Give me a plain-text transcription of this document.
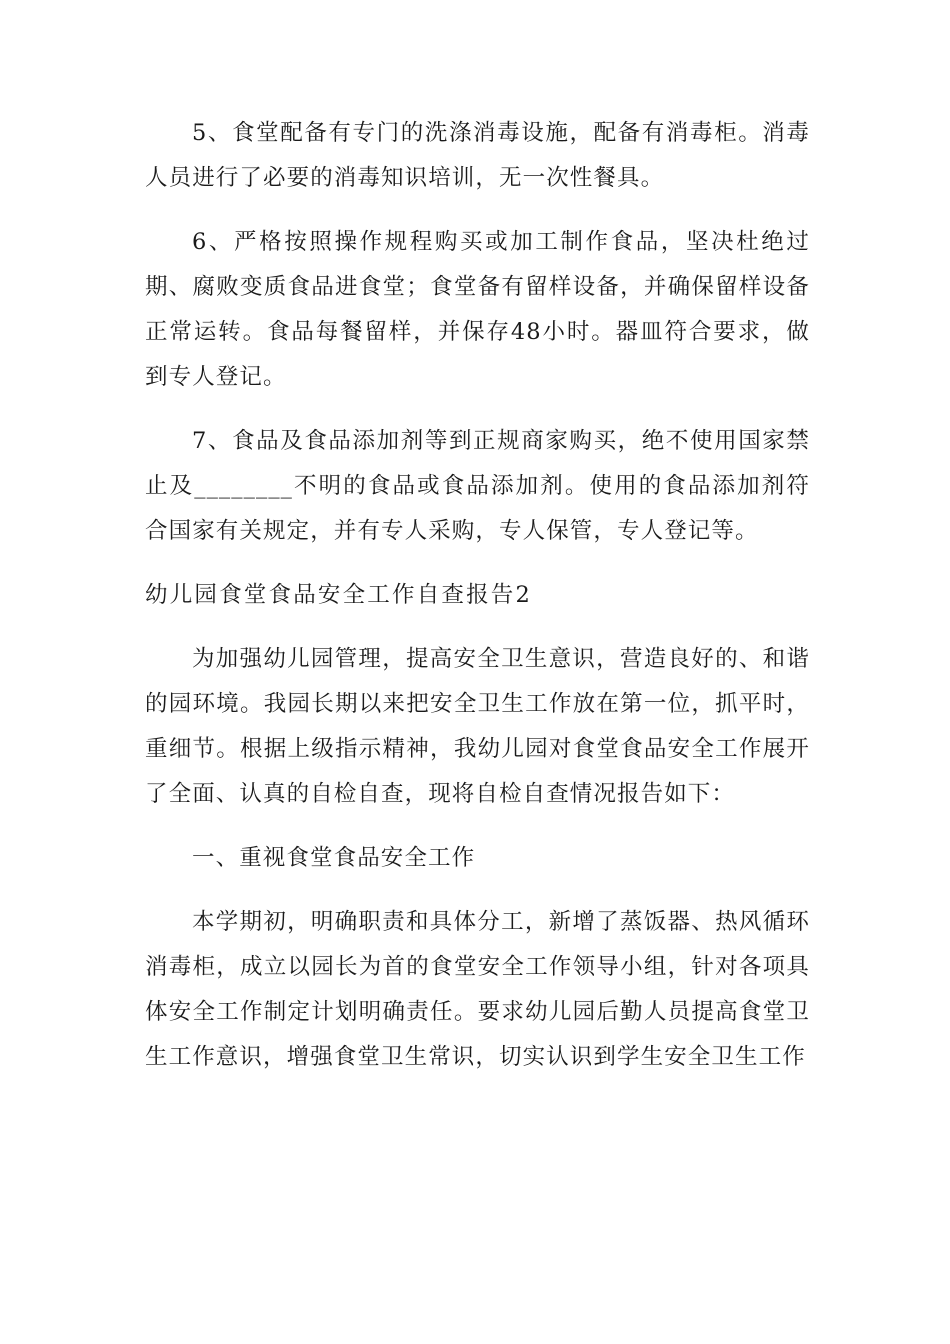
5、食堂配备有专门的洗涤消毒设施，配备有消毒柜。消毒人员进行了必要的消毒知识培训，无一次性餐具。

6、严格按照操作规程购买或加工制作食品，坚决杜绝过期、腐败变质食品进食堂；食堂备有留样设备，并确保留样设备正常运转。食品每餐留样，并保存48小时。器皿符合要求，做到专人登记。

7、食品及食品添加剂等到正规商家购买，绝不使用国家禁止及________不明的食品或食品添加剂。使用的食品添加剂符合国家有关规定，并有专人采购，专人保管，专人登记等。

幼儿园食堂食品安全工作自查报告2

为加强幼儿园管理，提高安全卫生意识，营造良好的、和谐的园环境。我园长期以来把安全卫生工作放在第一位，抓平时，重细节。根据上级指示精神，我幼儿园对食堂食品安全工作展开了全面、认真的自检自查，现将自检自查情况报告如下：

一、重视食堂食品安全工作

本学期初，明确职责和具体分工，新增了蒸饭器、热风循环消毒柜，成立以园长为首的食堂安全工作领导小组，针对各项具体安全工作制定计划明确责任。要求幼儿园后勤人员提高食堂卫生工作意识，增强食堂卫生常识，切实认识到学生安全卫生工作
